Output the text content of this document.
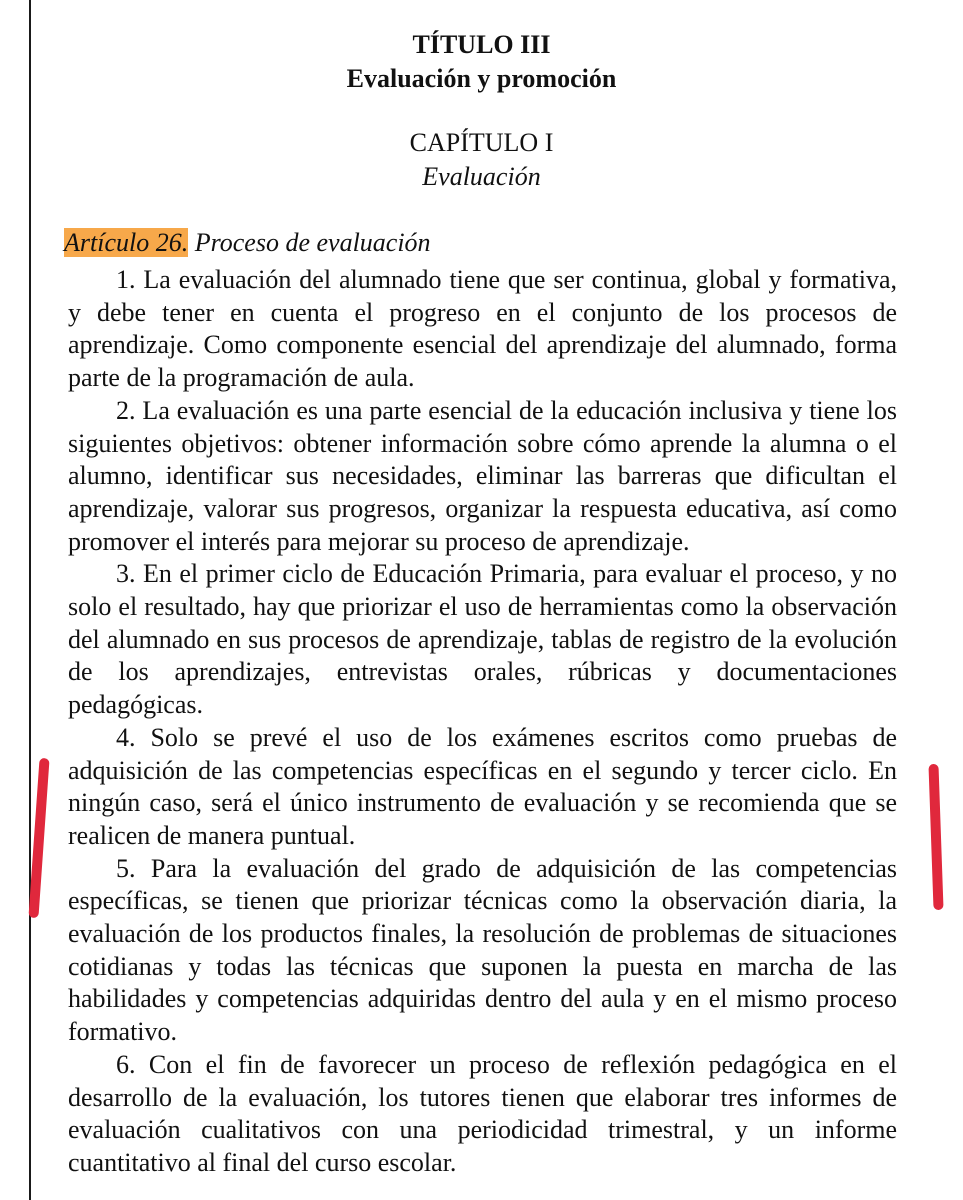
TÍTULO III
Evaluación y promoción
CAPÍTULO I
Evaluación
Artículo 26. Proceso de evaluación

1. La evaluación del alumnado tiene que ser continua, global y formativa, y debe tener en cuenta el progreso en el conjunto de los procesos de aprendizaje. Como componente esencial del aprendizaje del alumnado, forma parte de la programación de aula.

2. La evaluación es una parte esencial de la educación inclusiva y tiene los siguientes objetivos: obtener información sobre cómo aprende la alumna o el alumno, identificar sus necesidades, eliminar las barreras que dificultan el aprendizaje, valorar sus progresos, organizar la respuesta educativa, así como promover el interés para mejorar su proceso de aprendizaje.

3. En el primer ciclo de Educación Primaria, para evaluar el proceso, y no solo el resultado, hay que priorizar el uso de herramientas como la observación del alumnado en sus procesos de aprendizaje, tablas de registro de la evolución de los aprendizajes, entrevistas orales, rúbricas y documentaciones pedagógicas.

4. Solo se prevé el uso de los exámenes escritos como pruebas de adquisición de las competencias específicas en el segundo y tercer ciclo. En ningún caso, será el único instrumento de evaluación y se recomienda que se realicen de manera puntual.

5. Para la evaluación del grado de adquisición de las competencias específicas, se tienen que priorizar técnicas como la observación diaria, la evaluación de los productos finales, la resolución de problemas de situaciones cotidianas y todas las técnicas que suponen la puesta en marcha de las habilidades y competencias adquiridas dentro del aula y en el mismo proceso formativo.

6. Con el fin de favorecer un proceso de reflexión pedagógica en el desarrollo de la evaluación, los tutores tienen que elaborar tres informes de evaluación cualitativos con una periodicidad trimestral, y un informe cuantitativo al final del curso escolar.
